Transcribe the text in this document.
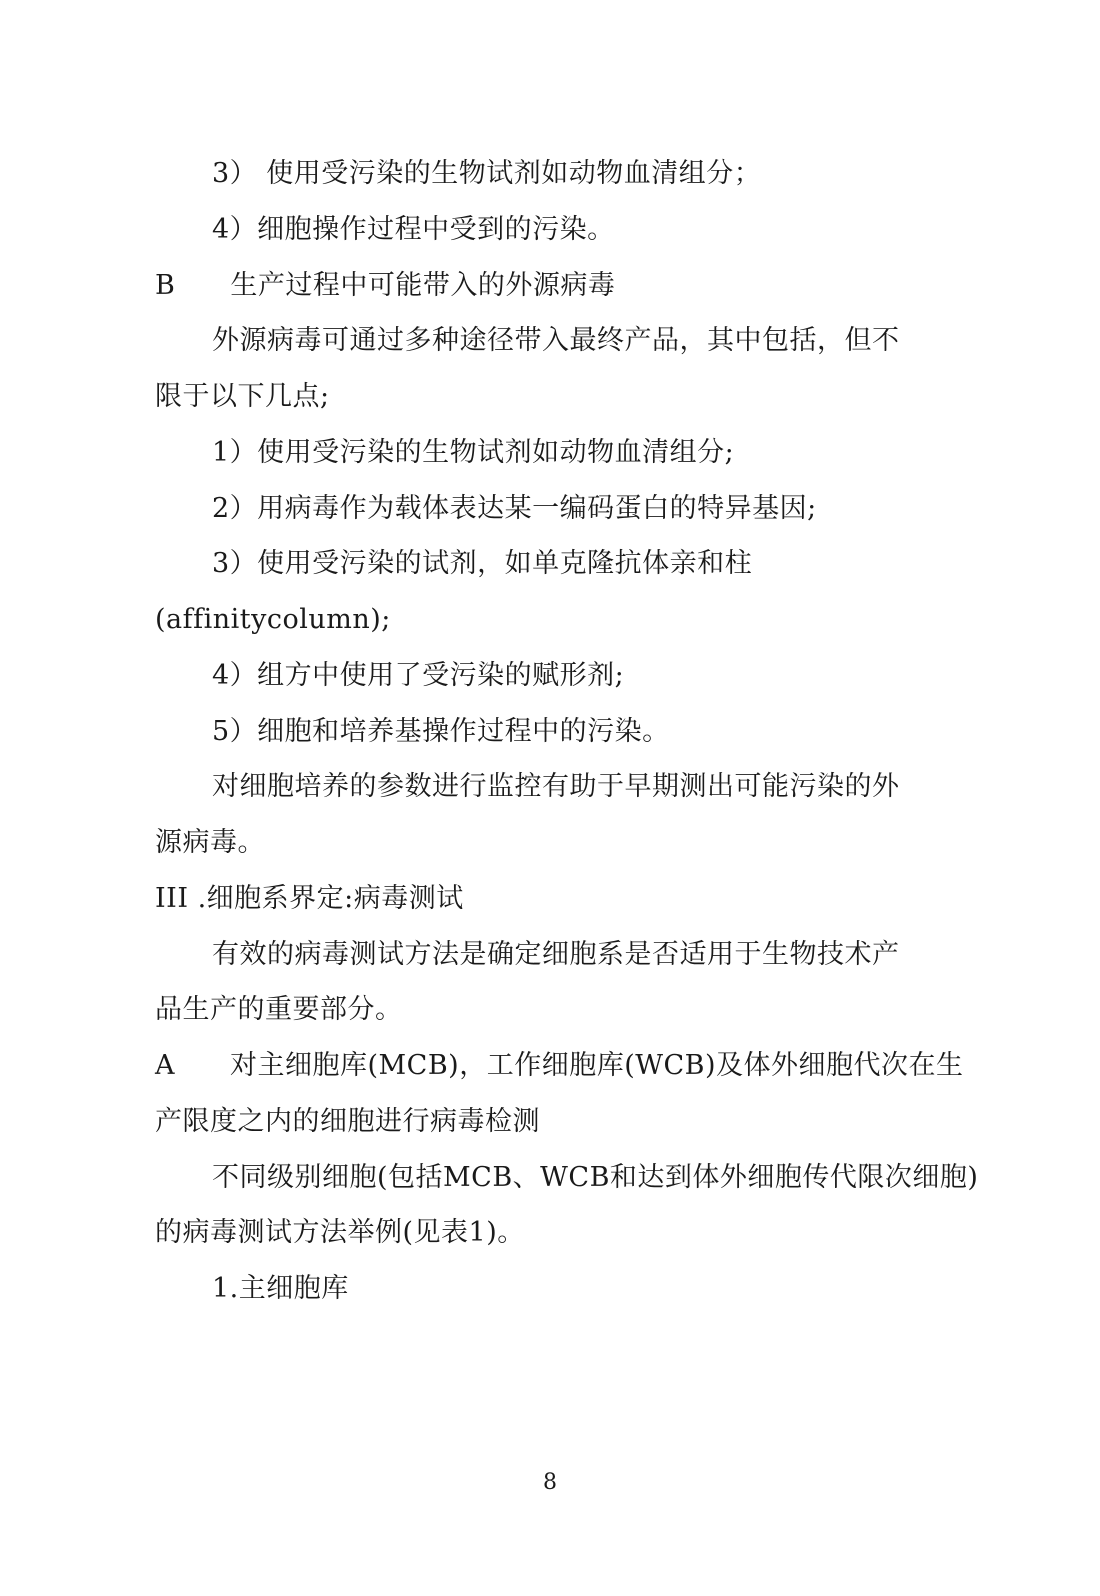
3） 使用受污染的生物试剂如动物血清组分；
4）细胞操作过程中受到的污染。
B　　生产过程中可能带入的外源病毒
外源病毒可通过多种途径带入最终产品，其中包括，但不
限于以下几点;
1）使用受污染的生物试剂如动物血清组分;
2）用病毒作为载体表达某一编码蛋白的特异基因;
3）使用受污染的试剂，如单克隆抗体亲和柱
(affinitycolumn);
4）组方中使用了受污染的赋形剂;
5）细胞和培养基操作过程中的污染。
对细胞培养的参数进行监控有助于早期测出可能污染的外
源病毒。
III .细胞系界定:病毒测试
有效的病毒测试方法是确定细胞系是否适用于生物技术产
品生产的重要部分。
A　　对主细胞库(MCB)，工作细胞库(WCB)及体外细胞代次在生
产限度之内的细胞进行病毒检测
不同级别细胞(包括MCB、WCB和达到体外细胞传代限次细胞)
的病毒测试方法举例(见表1)。
1.主细胞库
8
